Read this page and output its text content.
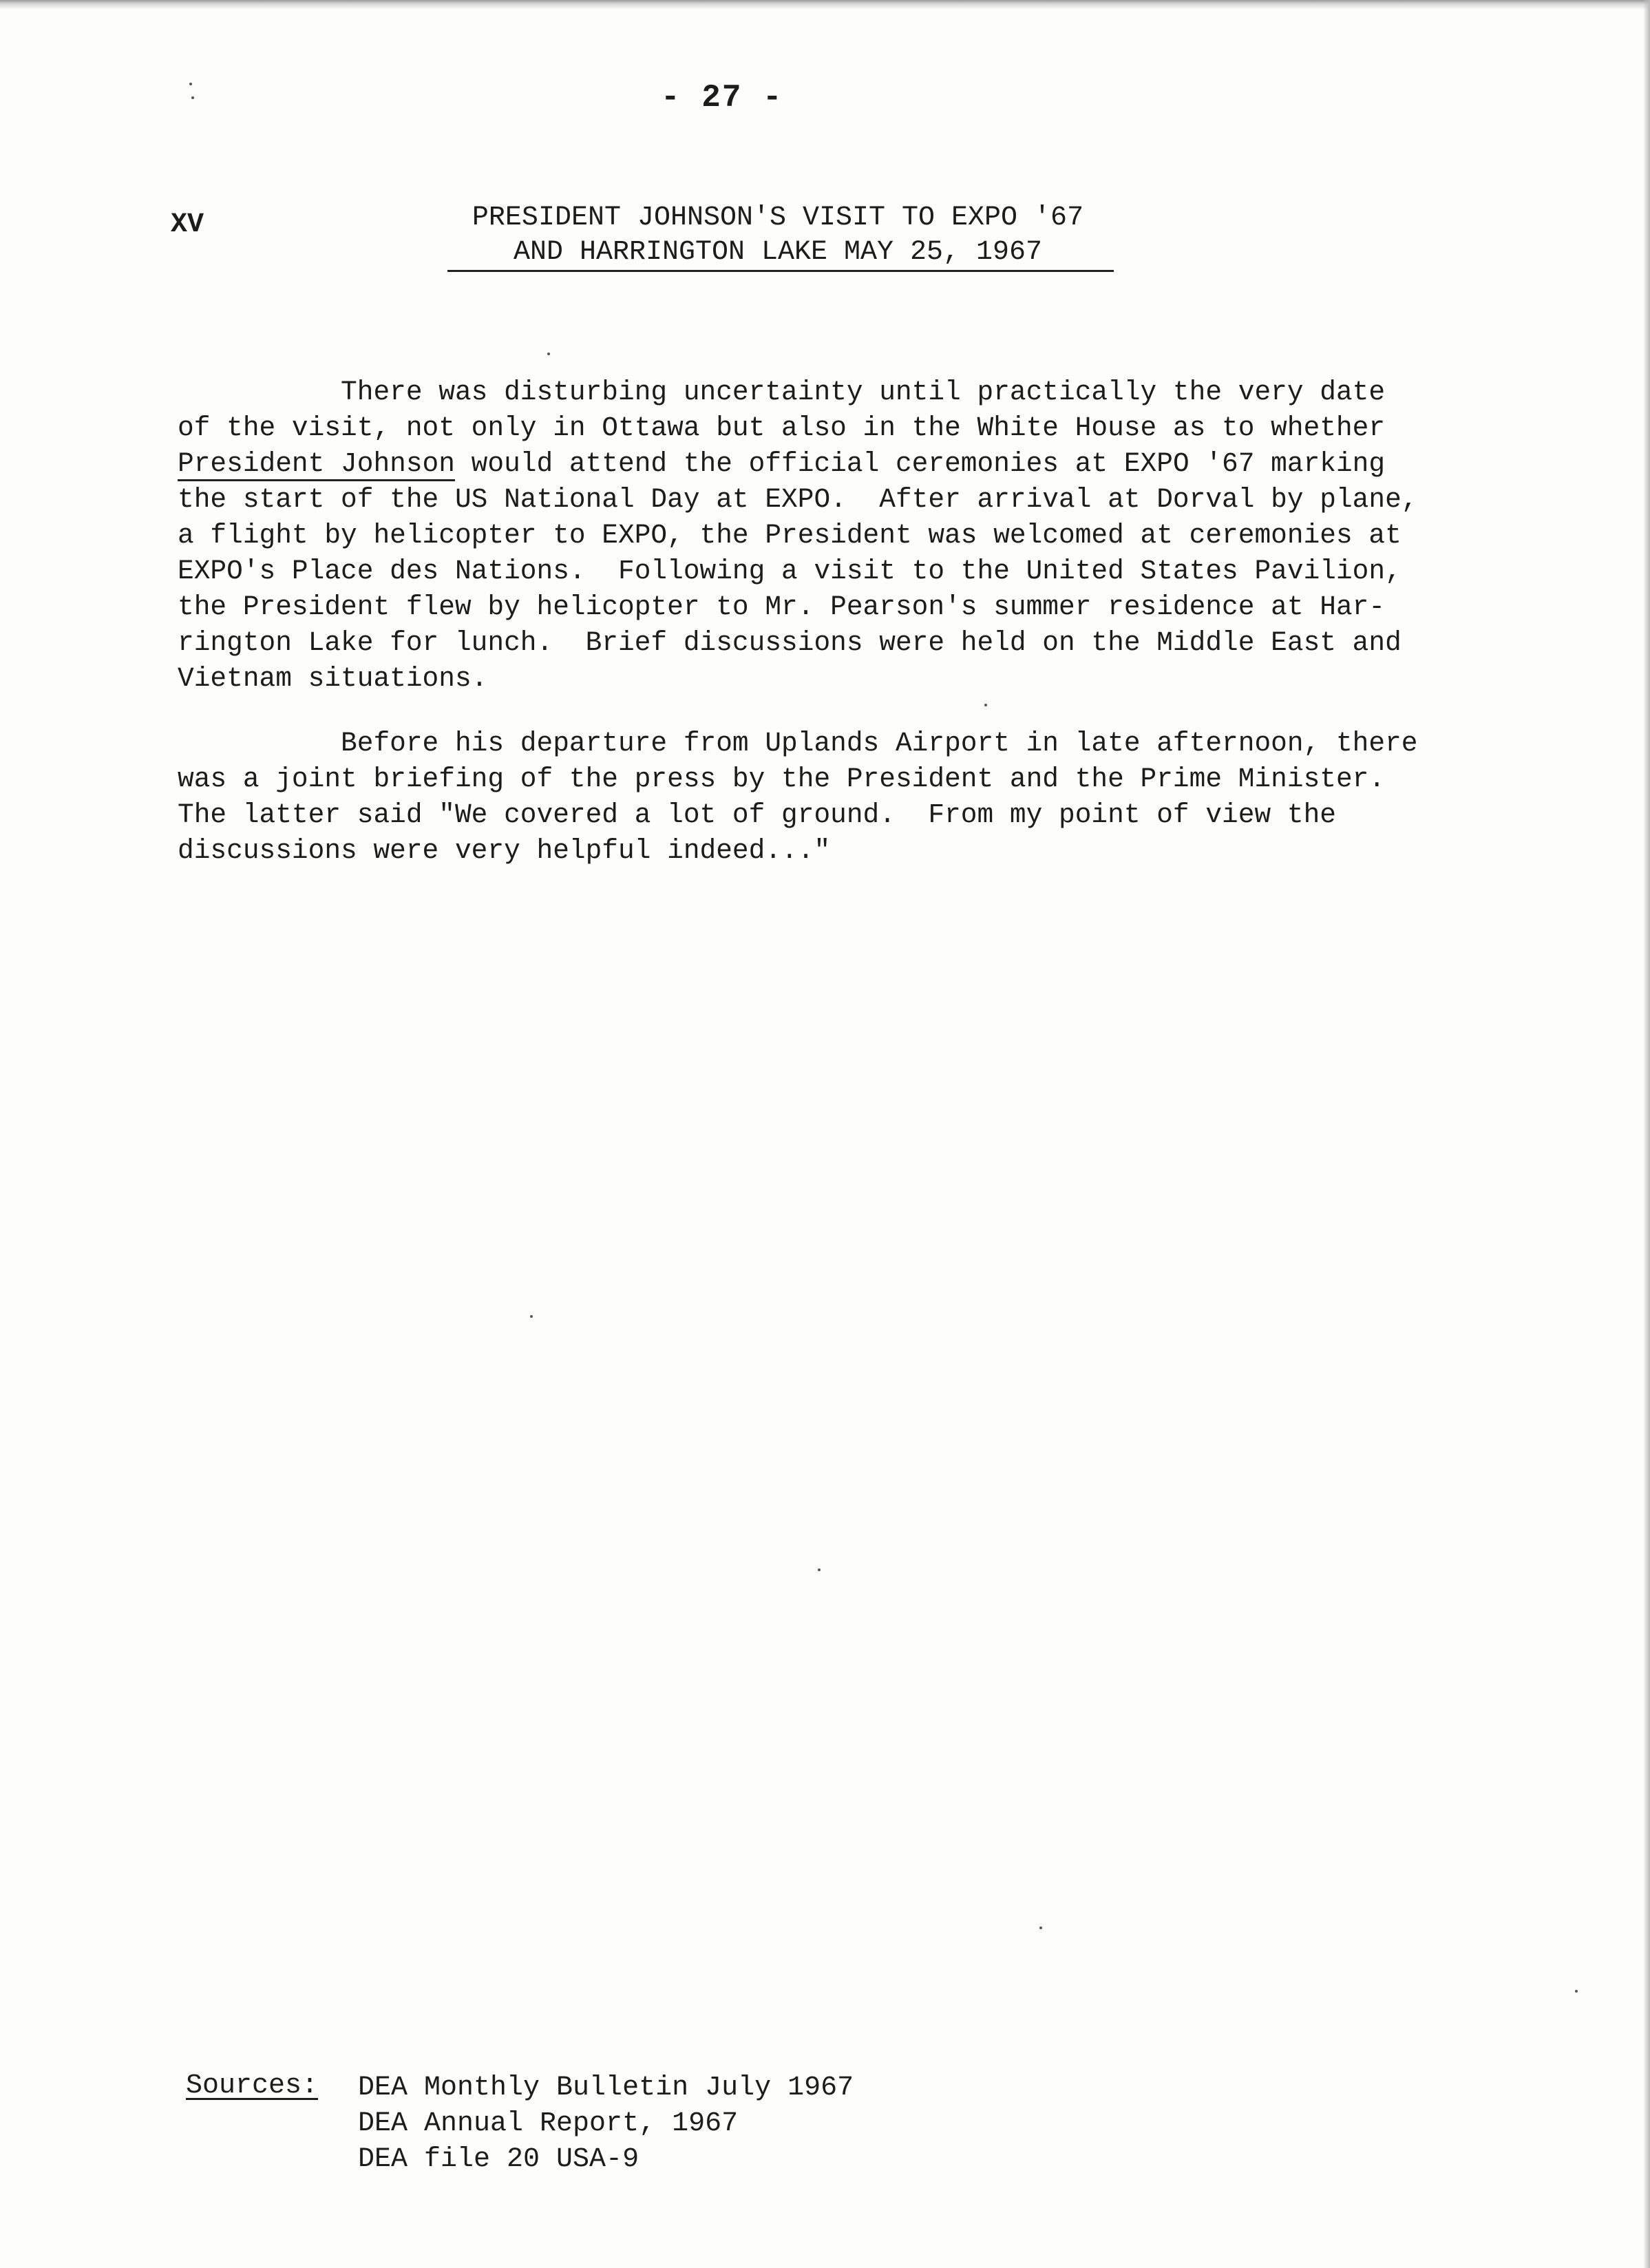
- 27 -
XV	PRESIDENT JOHNSON'S VISIT TO EXPO '67
AND HARRINGTON LAKE MAY 25, 1967
There was disturbing uncertainty until practically the very date
of the visit, not only in Ottawa but also in the White House as to whether
President Johnson would attend the official ceremonies at EXPO '67 marking
the start of the US National Day at EXPO.  After arrival at Dorval by plane,
a flight by helicopter to EXPO, the President was welcomed at ceremonies at
EXPO's Place des Nations.  Following a visit to the United States Pavilion,
the President flew by helicopter to Mr. Pearson's summer residence at Har-
rington Lake for lunch.  Brief discussions were held on the Middle East and
Vietnam situations.
Before his departure from Uplands Airport in late afternoon, there
was a joint briefing of the press by the President and the Prime Minister.
The latter said "We covered a lot of ground.  From my point of view the
discussions were very helpful indeed..."
Sources: DEA Monthly Bulletin July 1967
DEA Annual Report, 1967
DEA file 20 USA-9
